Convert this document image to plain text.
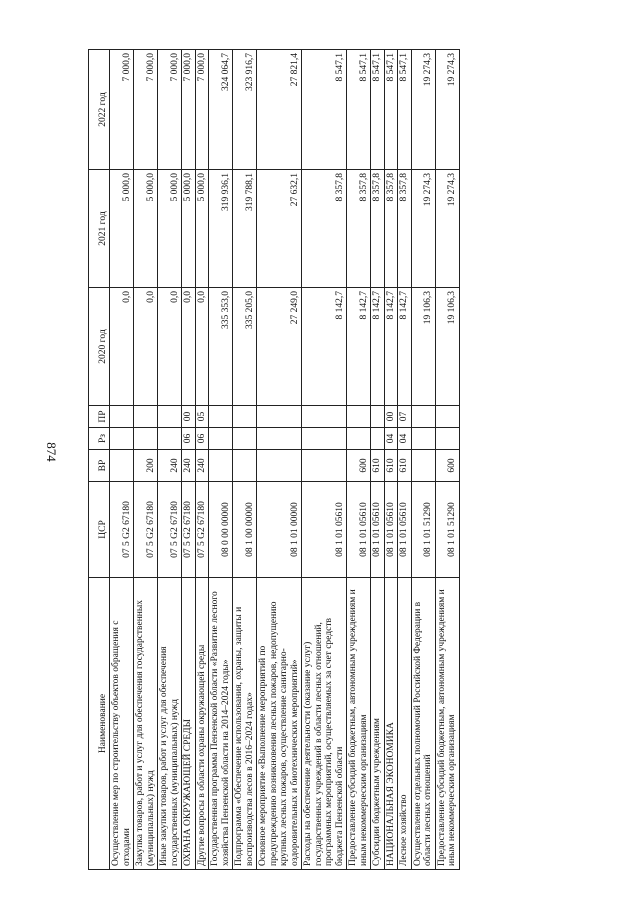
874
Наименование	ЦСР	ВР	Рз	ПР	2020 год	2021 год	2022 год
Осуществление мер по строительству объектов обращения с отходами	07 5 G2 67180				0,0	5 000,0	7 000,0
Закупка товаров, работ и услуг для обеспечения государственных (муниципальных) нужд	07 5 G2 67180	200			0,0	5 000,0	7 000,0
Иные закупки товаров, работ и услуг для обеспечения государственных (муниципальных) нужд	07 5 G2 67180	240			0,0	5 000,0	7 000,0
ОХРАНА ОКРУЖАЮЩЕЙ СРЕДЫ	07 5 G2 67180	240	06	00	0,0	5 000,0	7 000,0
Другие вопросы в области охраны окружающей среды	07 5 G2 67180	240	06	05	0,0	5 000,0	7 000,0
Государственная программа Пензенской области «Развитие лесного хозяйства Пензенской области на 2014–2024 годы»	08 0 00 00000				335 353,0	319 936,1	324 064,7
Подпрограмма «Обеспечение использования, охраны, защиты и воспроизводства лесов в 2016–2024 годах»	08 1 00 00000				335 205,0	319 788,1	323 916,7
Основное мероприятие «Выполнение мероприятий по предупреждению возникновения лесных пожаров, недопущению крупных лесных пожаров, осуществление санитарно-оздоровительных и биотехнических мероприятий»	08 1 01 00000				27 249,0	27 632,1	27 821,4
Расходы на обеспечение деятельности (оказание услуг) государственных учреждений в области лесных отношений, программных мероприятий, осуществляемых за счет средств бюджета Пензенской области	08 1 01 05610				8 142,7	8 357,8	8 547,1
Предоставление субсидий бюджетным, автономным учреждениям и иным некоммерческим организациям	08 1 01 05610	600			8 142,7	8 357,8	8 547,1
Субсидии бюджетным учреждениям	08 1 01 05610	610			8 142,7	8 357,8	8 547,1
НАЦИОНАЛЬНАЯ ЭКОНОМИКА	08 1 01 05610	610	04	00	8 142,7	8 357,8	8 547,1
Лесное хозяйство	08 1 01 05610	610	04	07	8 142,7	8 357,8	8 547,1
Осуществление отдельных полномочий Российской Федерации в области лесных отношений	08 1 01 51290				19 106,3	19 274,3	19 274,3
Предоставление субсидий бюджетным, автономным учреждениям и иным некоммерческим организациям	08 1 01 51290	600			19 106,3	19 274,3	19 274,3
